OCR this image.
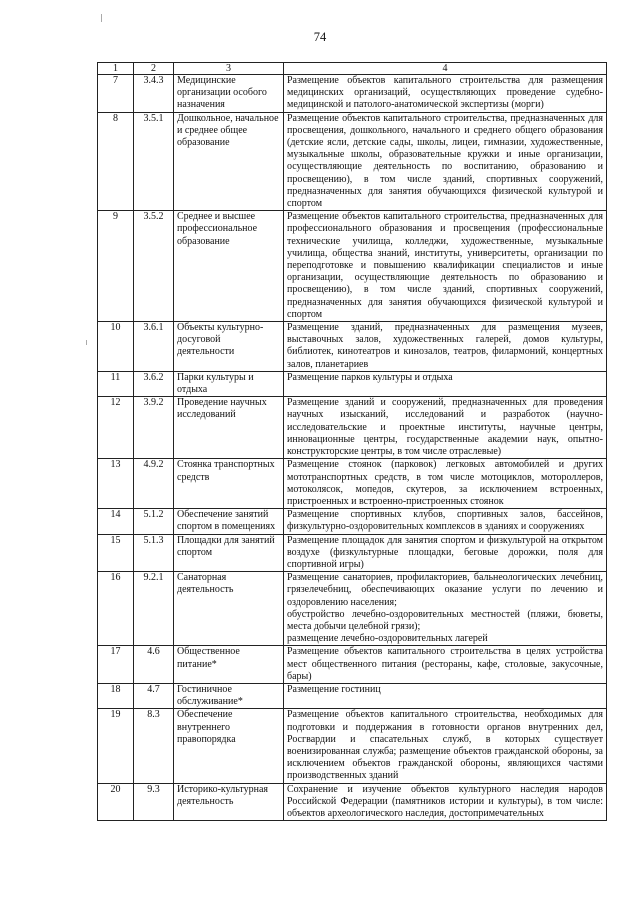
74
1	2	3	4
7	3.4.3	Медицинские организации особого назначения	Размещение объектов капитального строительства для размещения медицинских организаций, осуществляющих проведение судебно-медицинской и патолого-анатомической экспертизы (морги)

8	3.5.1	Дошкольное, начальное и среднее общее образование	Размещение объектов капитального строительства, предназначенных для просвещения, дошкольного, начального и среднего общего образования (детские ясли, детские сады, школы, лицеи, гимназии, художественные, музыкальные школы, образовательные кружки и иные организации, осуществляющие деятельность по воспитанию, образованию и просвещению), в том числе зданий, спортивных сооружений, предназначенных для занятия обучающихся физической культурой и спортом

9	3.5.2	Среднее и высшее профессиональное образование	Размещение объектов капитального строительства, предназначенных для профессионального образования и просвещения (профессиональные технические училища, колледжи, художественные, музыкальные училища, общества знаний, институты, университеты, организации по переподготовке и повышению квалификации специалистов и иные организации, осуществляющие деятельность по образованию и просвещению), в том числе зданий, спортивных сооружений, предназначенных для занятия обучающихся физической культурой и спортом

10	3.6.1	Объекты культурно-досуговой деятельности	Размещение зданий, предназначенных для размещения музеев, выставочных залов, художественных галерей, домов культуры, библиотек, кинотеатров и кинозалов, театров, филармоний, концертных залов, планетариев

11	3.6.2	Парки культуры и отдыха	Размещение парков культуры и отдыха

12	3.9.2	Проведение научных исследований	Размещение зданий и сооружений, предназначенных для проведения научных изысканий, исследований и разработок (научно-исследовательские и проектные институты, научные центры, инновационные центры, государственные академии наук, опытно-конструкторские центры, в том числе отраслевые)

13	4.9.2	Стоянка транспортных средств	Размещение стоянок (парковок) легковых автомобилей и других мототранспортных средств, в том числе мотоциклов, мотороллеров, мотоколясок, мопедов, скутеров, за исключением встроенных, пристроенных и встроенно-пристроенных стоянок

14	5.1.2	Обеспечение занятий спортом в помещениях	Размещение спортивных клубов, спортивных залов, бассейнов, физкультурно-оздоровительных комплексов в зданиях и сооружениях

15	5.1.3	Площадки для занятий спортом	Размещение площадок для занятия спортом и физкультурой на открытом воздухе (физкультурные площадки, беговые дорожки, поля для спортивной игры)

16	9.2.1	Санаторная деятельность	Размещение санаториев, профилакториев, бальнеологических лечебниц, грязелечебниц, обеспечивающих оказание услуги по лечению и оздоровлению населения;
обустройство лечебно-оздоровительных местностей (пляжи, бюветы, места добычи целебной грязи);
размещение лечебно-оздоровительных лагерей

17	4.6	Общественное питание*	Размещение объектов капитального строительства в целях устройства мест общественного питания (рестораны, кафе, столовые, закусочные, бары)

18	4.7	Гостиничное обслуживание*	Размещение гостиниц

19	8.3	Обеспечение внутреннего правопорядка	Размещение объектов капитального строительства, необходимых для подготовки и поддержания в готовности органов внутренних дел, Росгвардии и спасательных служб, в которых существует военизированная служба; размещение объектов гражданской обороны, за исключением объектов гражданской обороны, являющихся частями производственных зданий

20	9.3	Историко-культурная деятельность	Сохранение и изучение объектов культурного наследия народов Российской Федерации (памятников истории и культуры), в том числе: объектов археологического наследия, достопримечательных
